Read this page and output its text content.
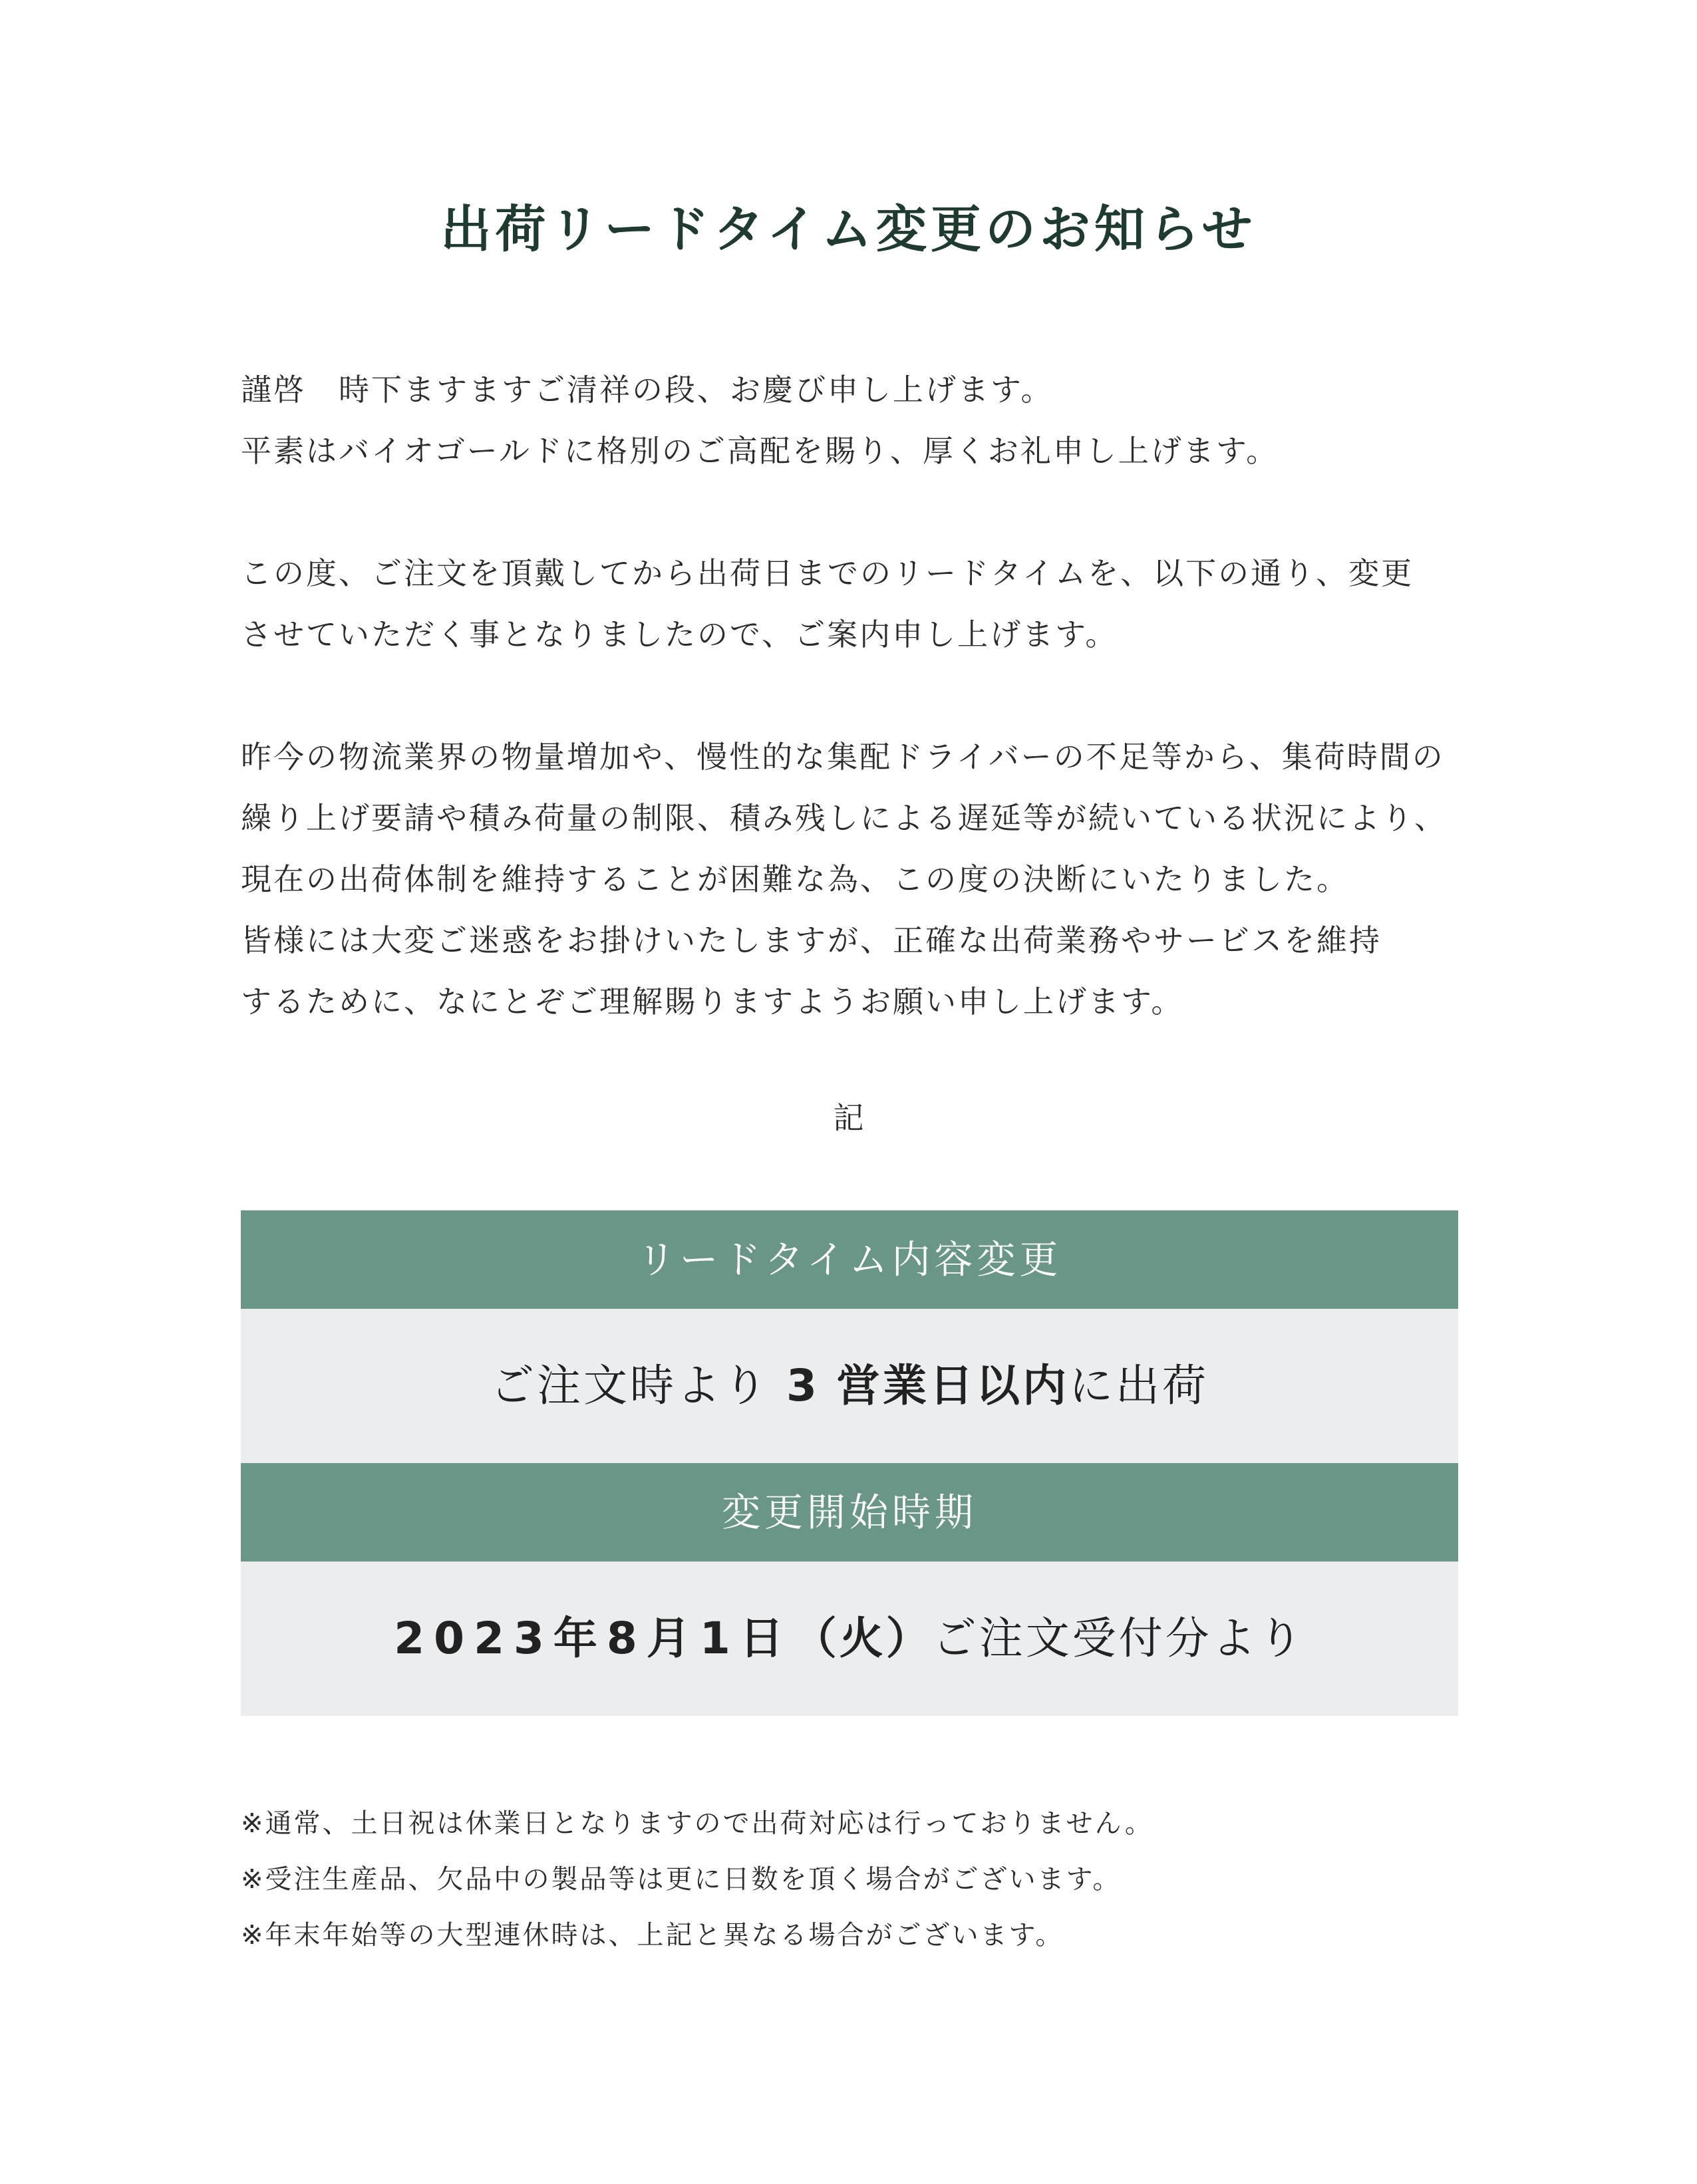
出荷リードタイム変更のお知らせ

謹啓　時下ますますご清祥の段、お慶び申し上げます。

平素はバイオゴールドに格別のご高配を賜り、厚くお礼申し上げます。

この度、ご注文を頂戴してから出荷日までのリードタイムを、以下の通り、変更

させていただく事となりましたので、ご案内申し上げます。

昨今の物流業界の物量増加や、慢性的な集配ドライバーの不足等から、集荷時間の

繰り上げ要請や積み荷量の制限、積み残しによる遅延等が続いている状況により、

現在の出荷体制を維持することが困難な為、この度の決断にいたりました。

皆様には大変ご迷惑をお掛けいたしますが、正確な出荷業務やサービスを維持

するために、なにとぞご理解賜りますようお願い申し上げます。

記
リードタイム内容変更
ご注文時より 3 営業日以内に出荷
変更開始時期
2023年8月1日（火）ご注文受付分より

※通常、土日祝は休業日となりますので出荷対応は行っておりません。

※受注生産品、欠品中の製品等は更に日数を頂く場合がございます。

※年末年始等の大型連休時は、上記と異なる場合がございます。
